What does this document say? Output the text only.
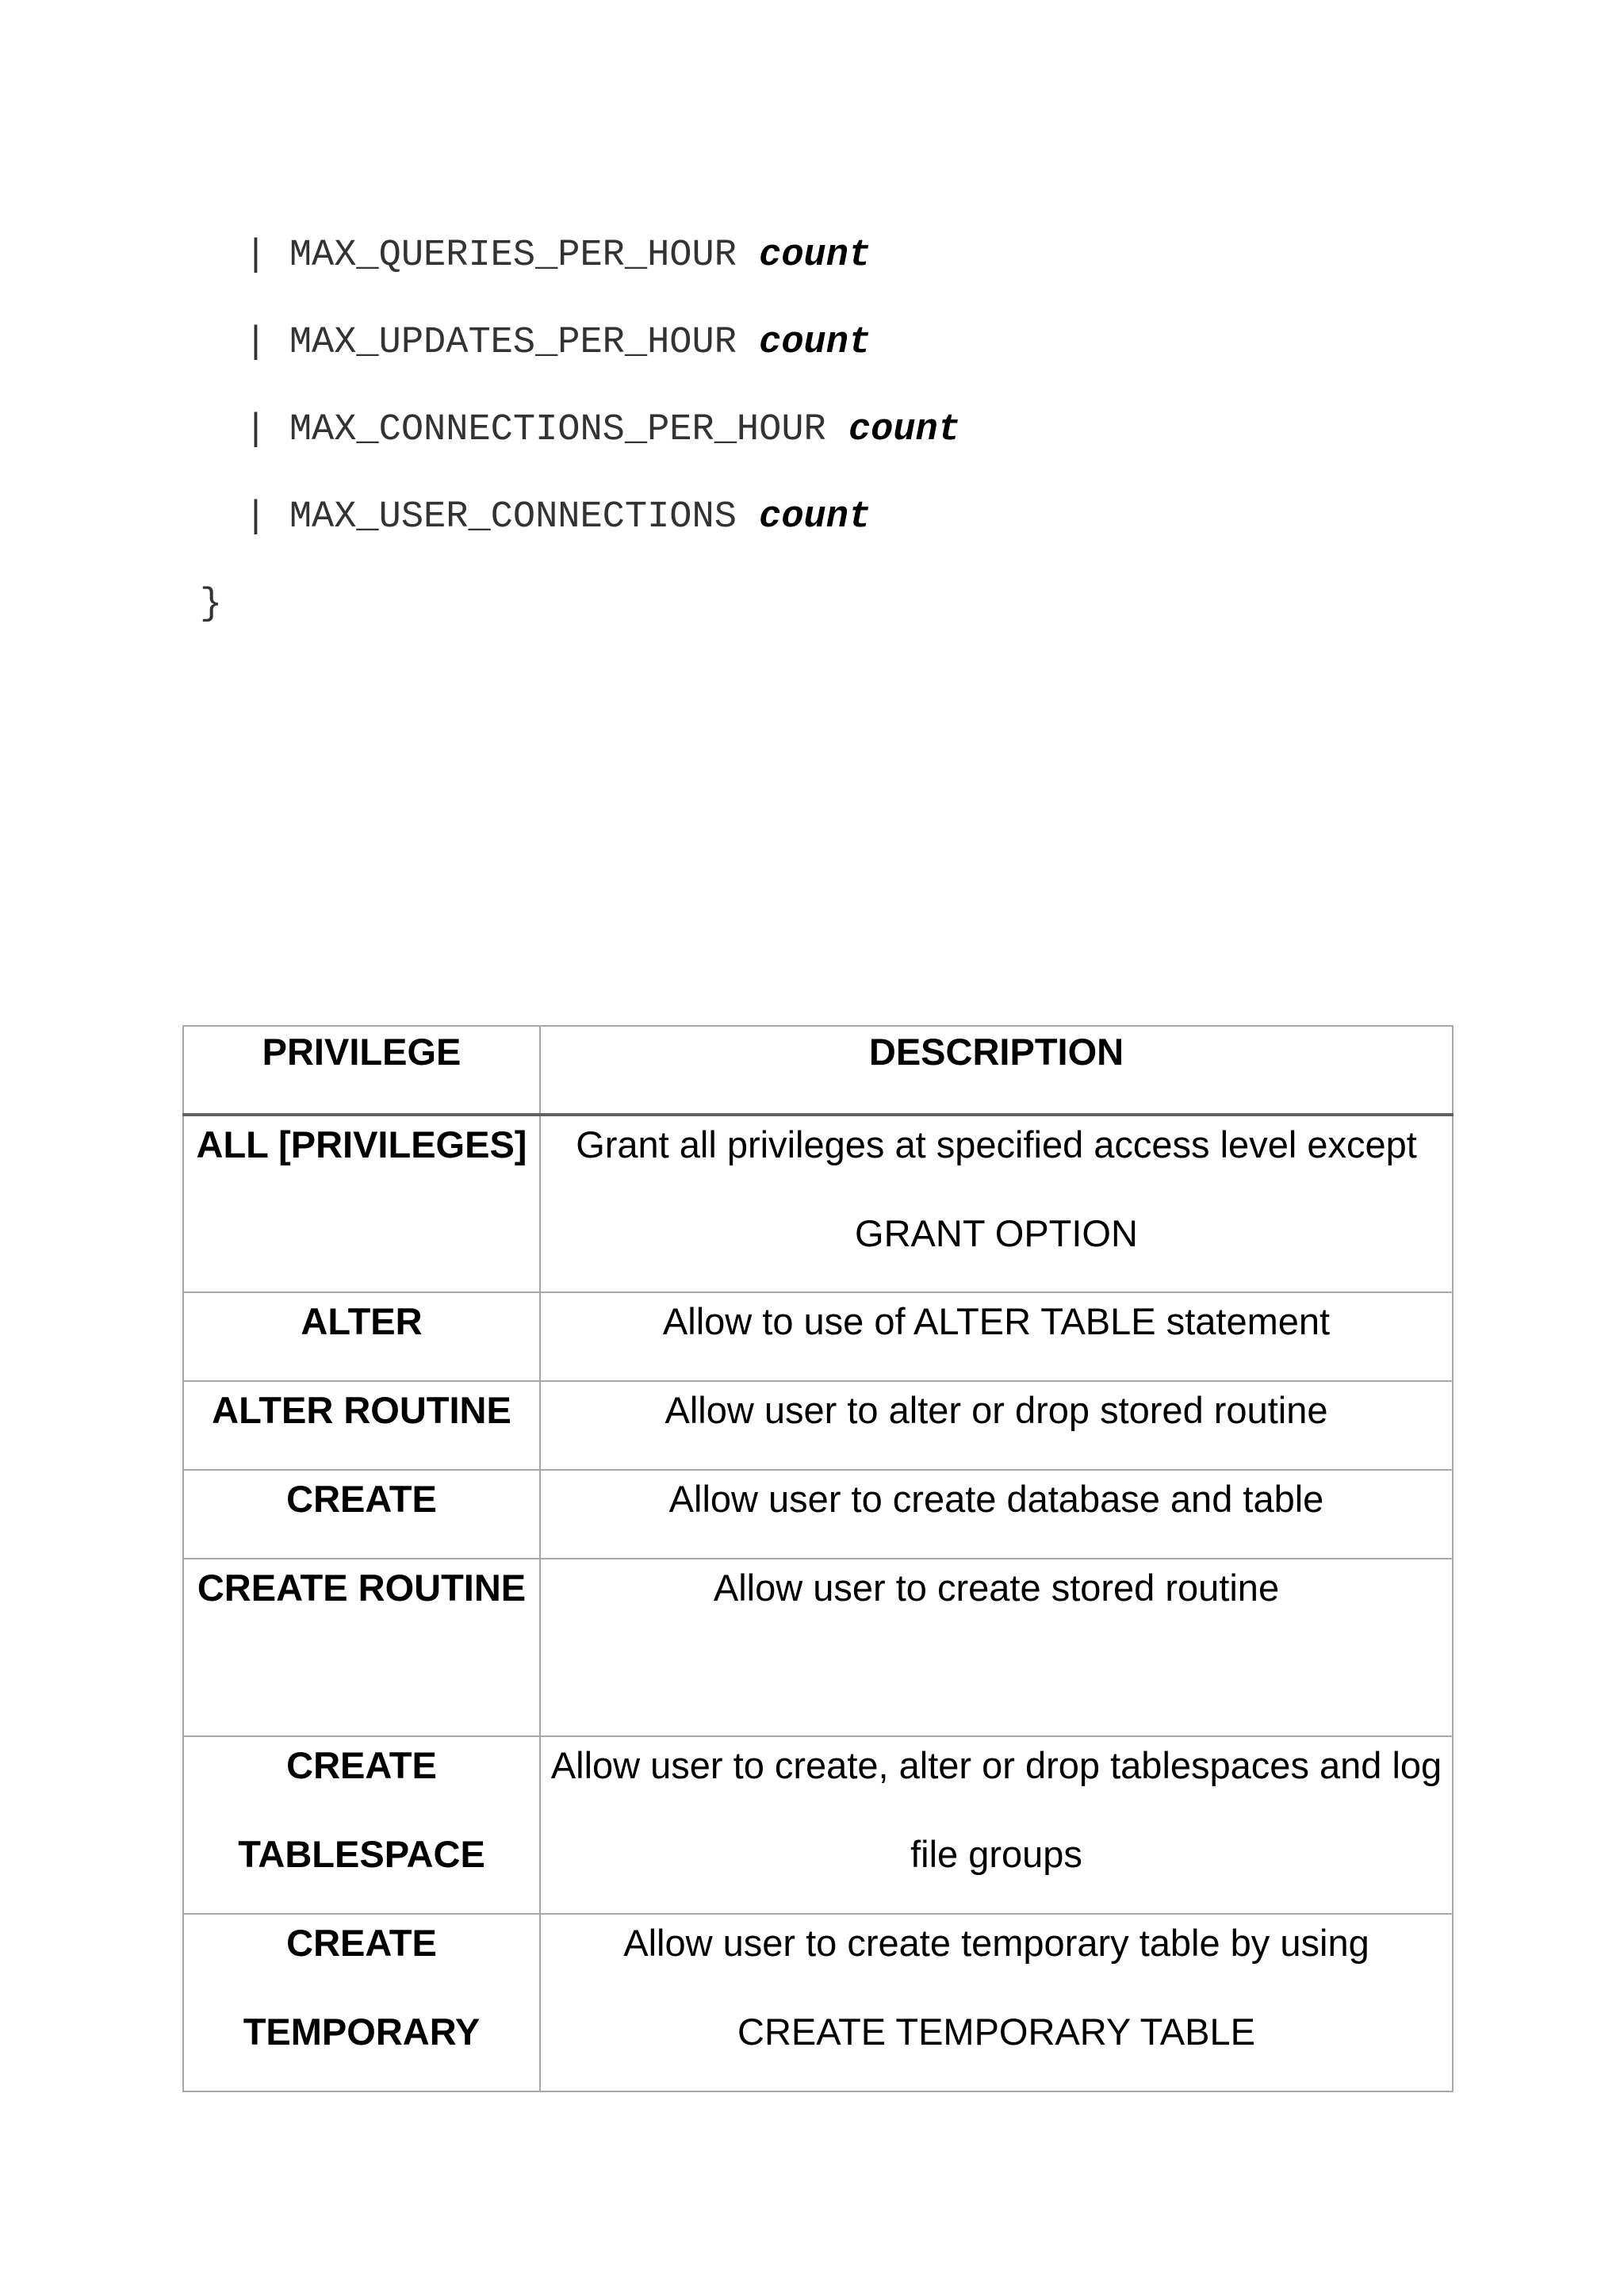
| MAX_QUERIES_PER_HOUR count

| MAX_UPDATES_PER_HOUR count

| MAX_CONNECTIONS_PER_HOUR count

| MAX_USER_CONNECTIONS count

}

PRIVILEGE	DESCRIPTION

ALL [PRIVILEGES]	Grant all privileges at specified access level except GRANT OPTION

ALTER	Allow to use of ALTER TABLE statement

ALTER ROUTINE	Allow user to alter or drop stored routine

CREATE	Allow user to create database and table

CREATE ROUTINE	Allow user to create stored routine

CREATE TABLESPACE	Allow user to create, alter or drop tablespaces and log file groups

CREATE TEMPORARY	Allow user to create temporary table by using CREATE TEMPORARY TABLE
